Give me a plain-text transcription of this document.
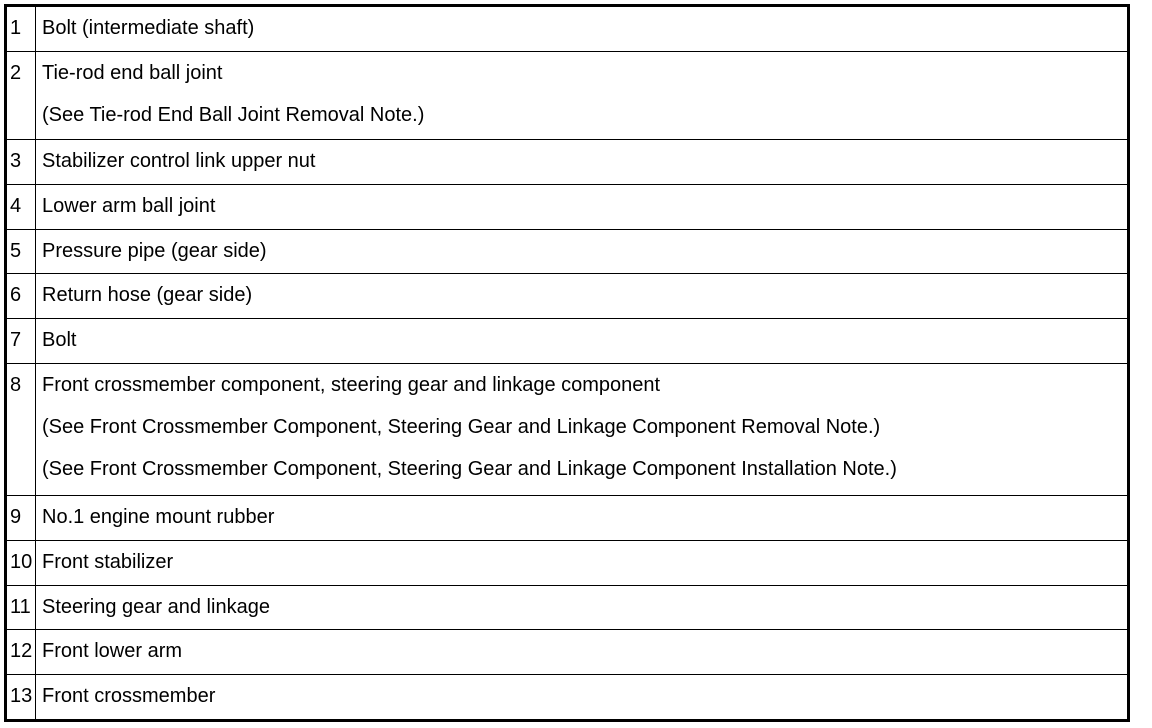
1	Bolt (intermediate shaft)

2	Tie-rod end ball joint
(See Tie-rod End Ball Joint Removal Note.)

3	Stabilizer control link upper nut

4	Lower arm ball joint

5	Pressure pipe (gear side)

6	Return hose (gear side)

7	Bolt

8	Front crossmember component, steering gear and linkage component
(See Front Crossmember Component, Steering Gear and Linkage Component Removal Note.)
(See Front Crossmember Component, Steering Gear and Linkage Component Installation Note.)

9	No.1 engine mount rubber

10	Front stabilizer

11	Steering gear and linkage

12	Front lower arm

13	Front crossmember
